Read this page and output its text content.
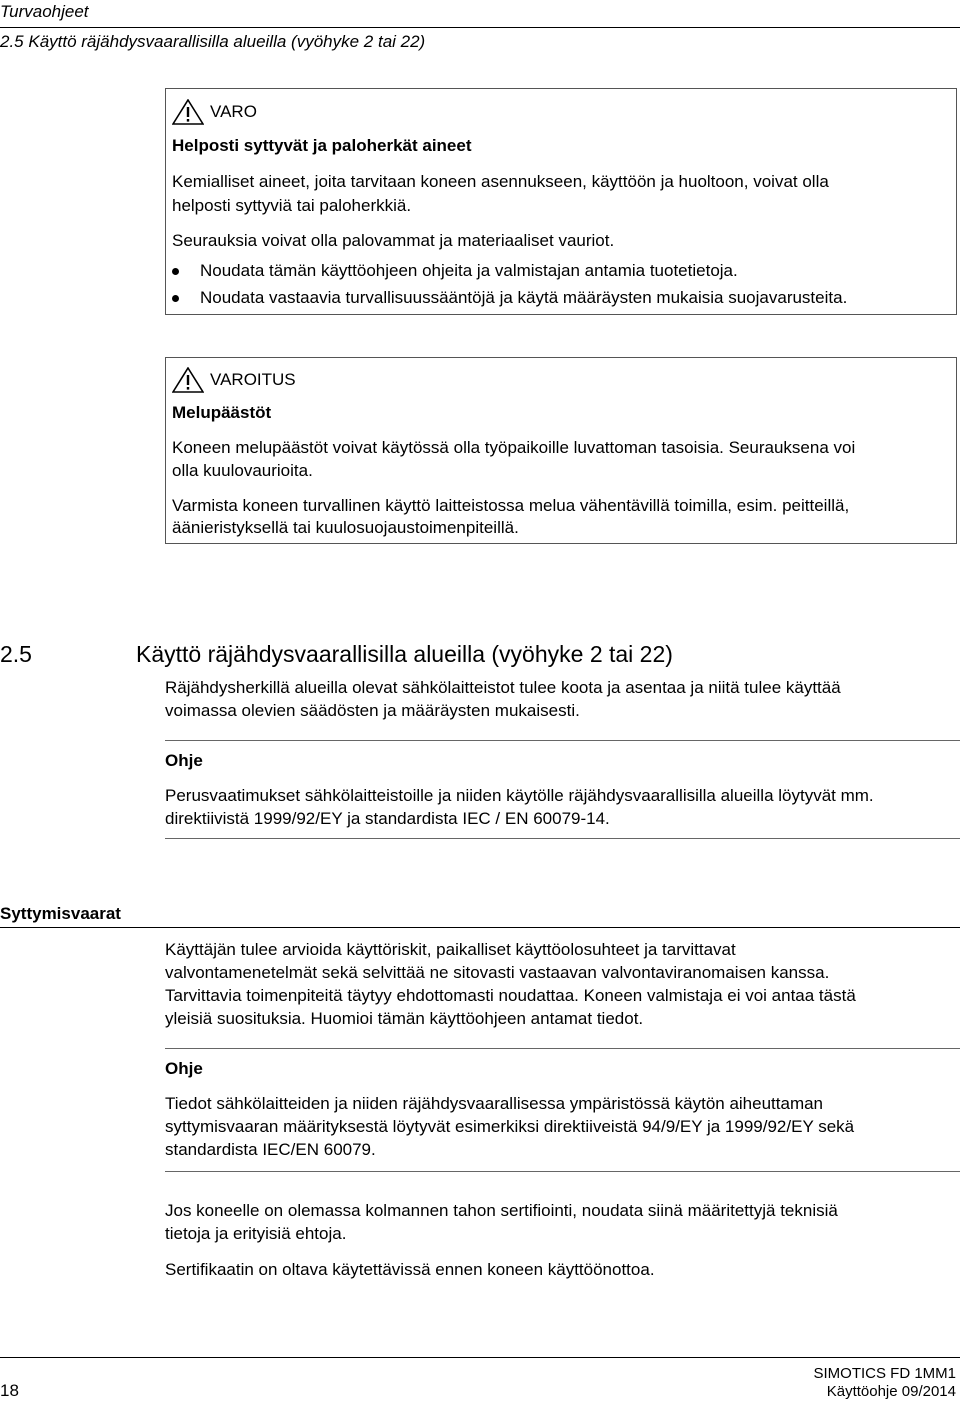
Turvaohjeet
2.5 Käyttö räjähdysvaarallisilla alueilla (vyöhyke 2 tai 22)
VARO
Helposti syttyvät ja paloherkät aineet
Kemialliset aineet, joita tarvitaan koneen asennukseen, käyttöön ja huoltoon, voivat olla
helposti syttyviä tai paloherkkiä.
Seurauksia voivat olla palovammat ja materiaaliset vauriot.
Noudata tämän käyttöohjeen ohjeita ja valmistajan antamia tuotetietoja.
Noudata vastaavia turvallisuussääntöjä ja käytä määräysten mukaisia suojavarusteita.
VAROITUS
Melupäästöt
Koneen melupäästöt voivat käytössä olla työpaikoille luvattoman tasoisia. Seurauksena voi
olla kuulovaurioita.
Varmista koneen turvallinen käyttö laitteistossa melua vähentävillä toimilla, esim. peitteillä,
äänieristyksellä tai kuulosuojaustoimenpiteillä.
2.5	Käyttö räjähdysvaarallisilla alueilla (vyöhyke 2 tai 22)
Räjähdysherkillä alueilla olevat sähkölaitteistot tulee koota ja asentaa ja niitä tulee käyttää
voimassa olevien säädösten ja määräysten mukaisesti.
Ohje
Perusvaatimukset sähkölaitteistoille ja niiden käytölle räjähdysvaarallisilla alueilla löytyvät mm.
direktiivistä 1999/92/EY ja standardista IEC / EN 60079-14.
Syttymisvaarat
Käyttäjän tulee arvioida käyttöriskit, paikalliset käyttöolosuhteet ja tarvittavat
valvontamenetelmät sekä selvittää ne sitovasti vastaavan valvontaviranomaisen kanssa.
Tarvittavia toimenpiteitä täytyy ehdottomasti noudattaa. Koneen valmistaja ei voi antaa tästä
yleisiä suosituksia. Huomioi tämän käyttöohjeen antamat tiedot.
Ohje
Tiedot sähkölaitteiden ja niiden räjähdysvaarallisessa ympäristössä käytön aiheuttaman
syttymisvaaran määrityksestä löytyvät esimerkiksi direktiiveistä 94/9/EY ja 1999/92/EY sekä
standardista IEC/EN 60079.
Jos koneelle on olemassa kolmannen tahon sertifiointi, noudata siinä määritettyjä teknisiä
tietoja ja erityisiä ehtoja.
Sertifikaatin on oltava käytettävissä ennen koneen käyttöönottoa.
18
SIMOTICS FD 1MM1
Käyttöohje 09/2014
